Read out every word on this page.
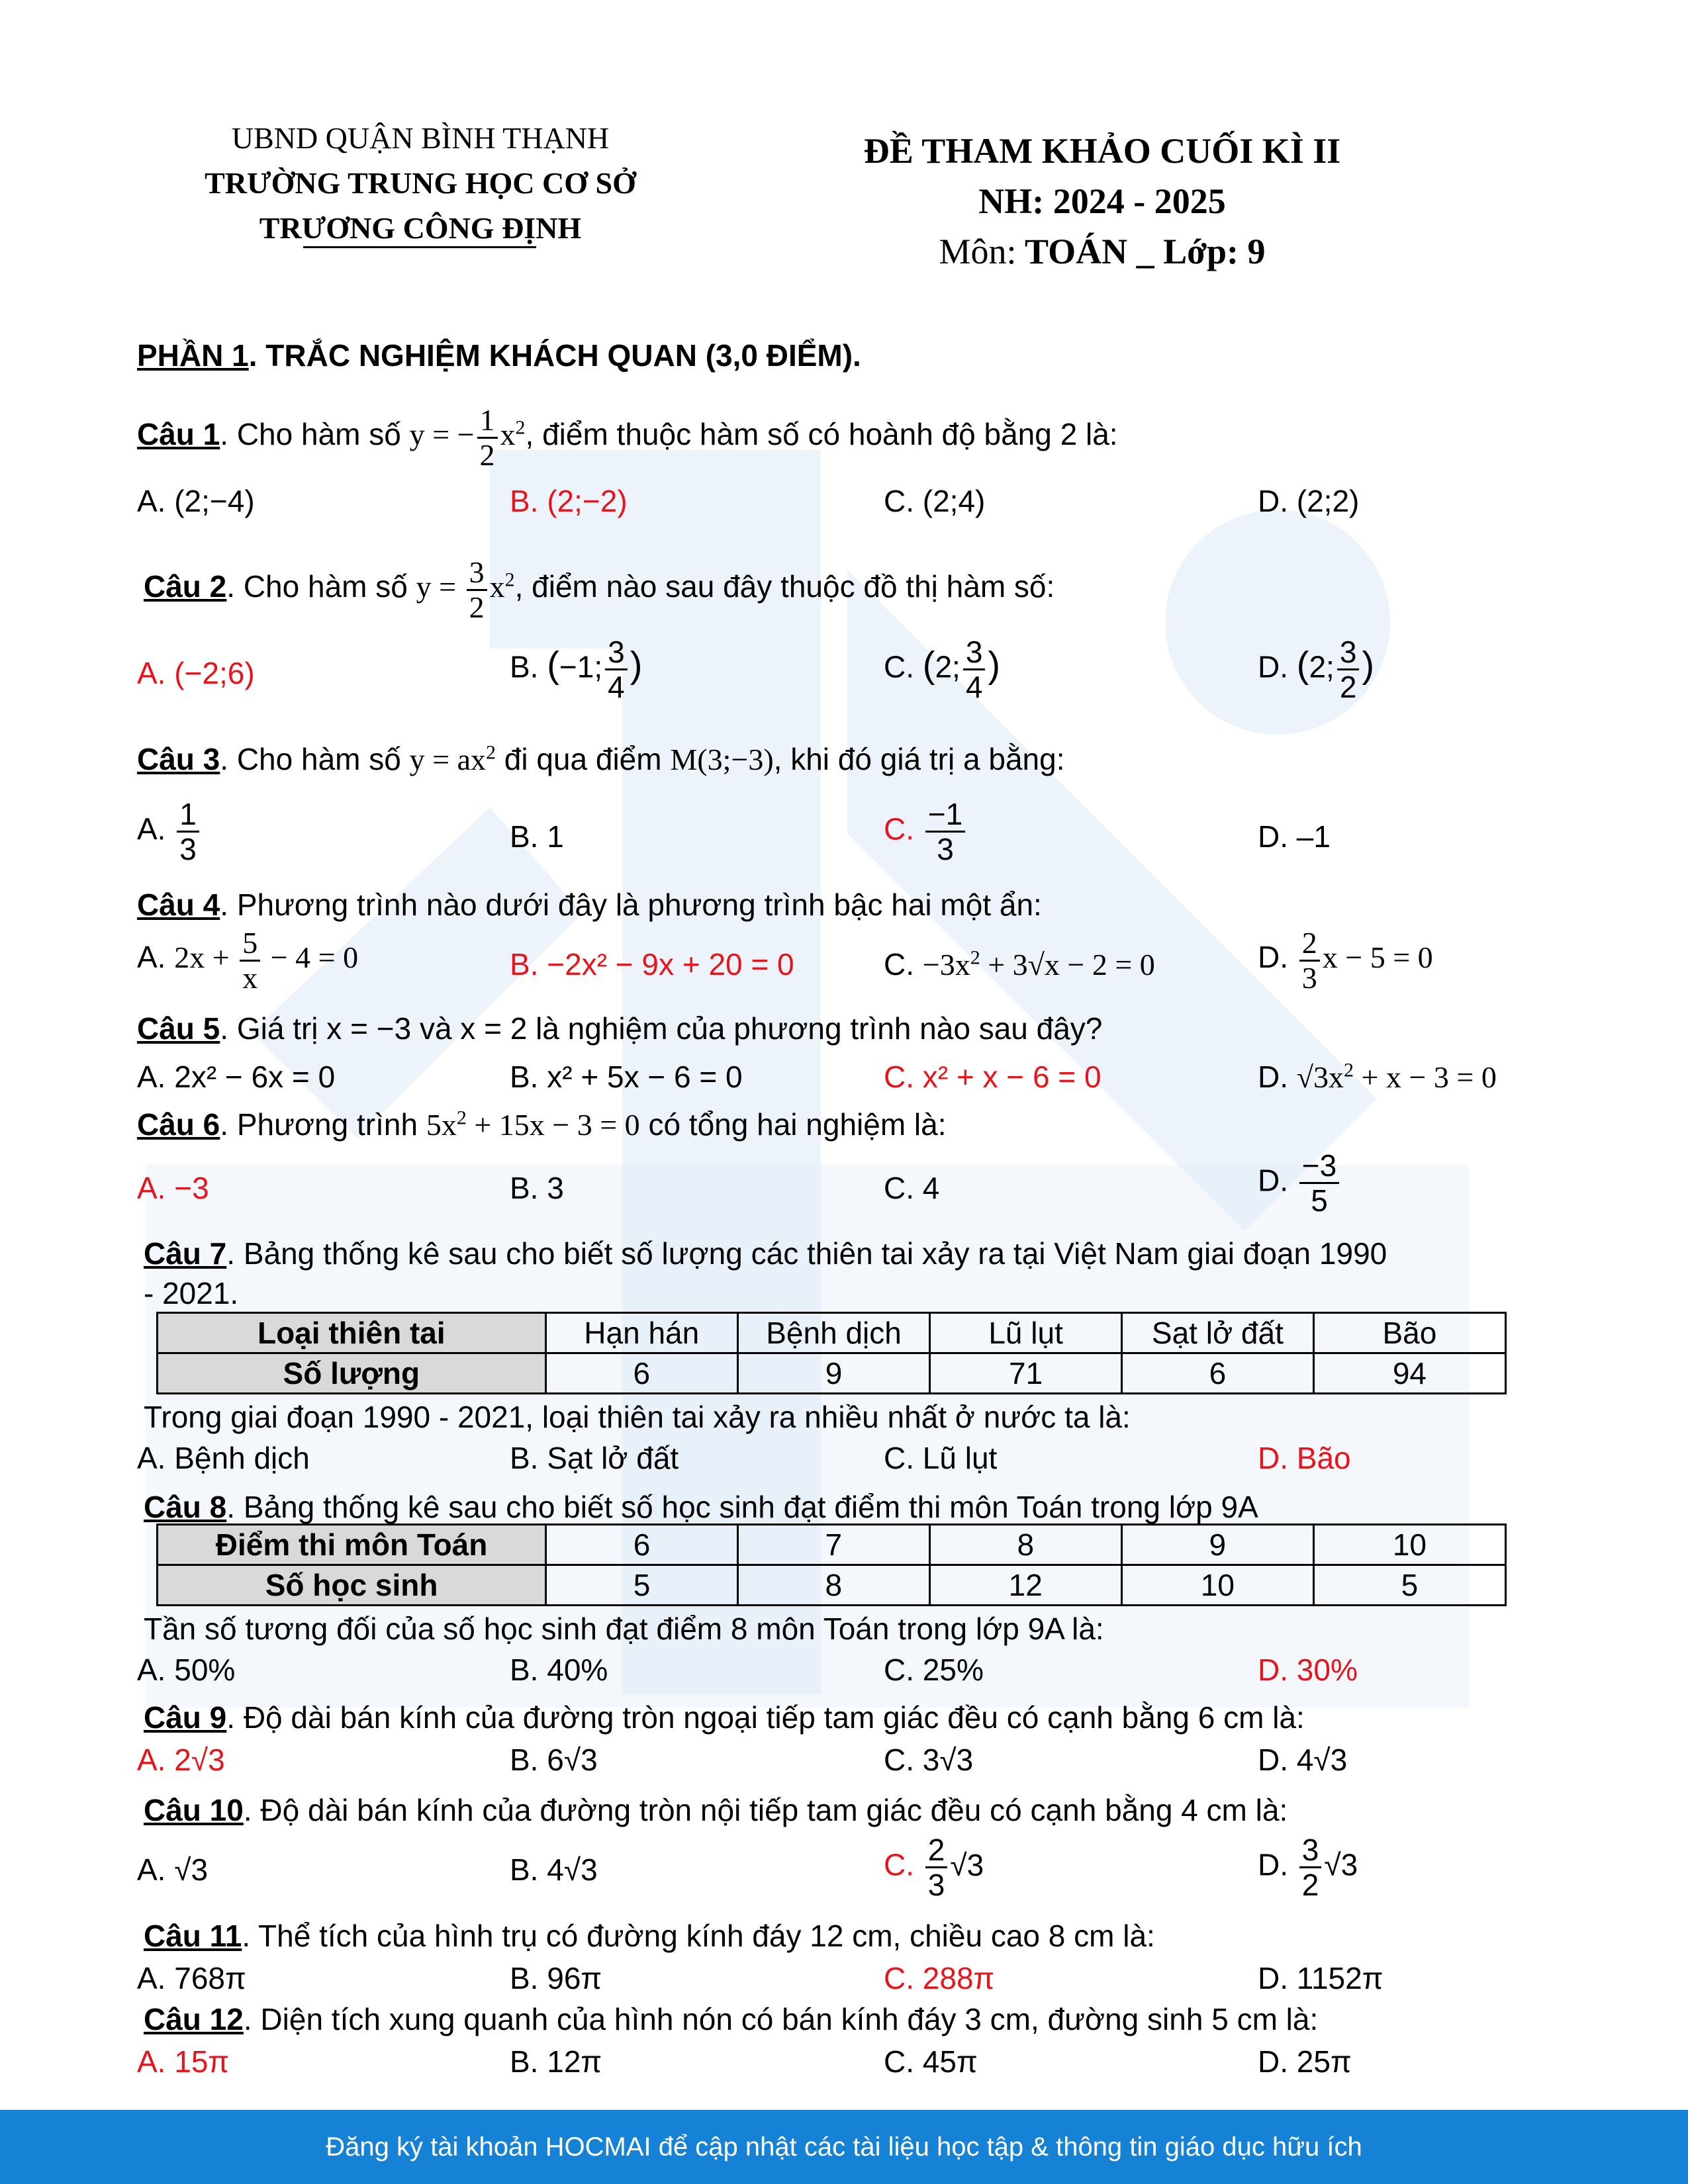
UBND QUẬN BÌNH THẠNH
TRƯỜNG TRUNG HỌC CƠ SỞ
TRƯƠNG CÔNG ĐỊNH
ĐỀ THAM KHẢO CUỐI KÌ II
NH: 2024 - 2025
Môn: TOÁN _ Lớp: 9
PHẦN 1. TRẮC NGHIỆM KHÁCH QUAN (3,0 ĐIỂM).
Câu 1. Cho hàm số y = − $\frac{1}{2} x^2$, điểm thuộc hàm số có hoành độ bằng 2 là:
A. (2;−4)	B. (2;−2)	C. (2;4)	D. (2;2)
Câu 2. Cho hàm số $y = \frac{3}{2} x^2$, điểm nào sau đây thuộc đồ thị hàm số:
A. (−2;6)	B. (−1; $\frac{3}{4}$ )	C. (2; $\frac{3}{4}$ )	D. (2; $\frac{3}{2}$ )
Câu 3. Cho hàm số $y = ax^2$ đi qua điểm M(3;−3), khi đó giá trị a bằng:
A. $\frac{1}{3}$	B. 1	C. $\frac{-1}{3}$	D. –1
Câu 4. Phương trình nào dưới đây là phương trình bậc hai một ẩn:
A. $2x + \frac{5}{x} - 4 = 0$	B. −2x² − 9x + 20 = 0	C. $-3x^2 + 3√x - 2 = 0$	D. $\frac{2}{3}$ x − 5 = 0
Câu 5. Giá trị x = −3 và x = 2 là nghiệm của phương trình nào sau đây?
A. 2x² − 6x = 0	B. x² + 5x − 6 = 0	C. x² + x − 6 = 0	D. $√3x^2 + x - 3 = 0$
Câu 6. Phương trình $5x^2 + 15x - 3 = 0$ có tổng hai nghiệm là:
A. −3	B. 3	C. 4	D. $\frac{-3}{5}$
Câu 7. Bảng thống kê sau cho biết số lượng các thiên tai xảy ra tại Việt Nam giai đoạn 1990
- 2021.
Loại thiên tai	Hạn hán	Bệnh dịch	Lũ lụt	Sạt lở đất	Bão
Số lượng	6	9	71	6	94
Trong giai đoạn 1990 - 2021, loại thiên tai xảy ra nhiều nhất ở nước ta là:
A. Bệnh dịch	B. Sạt lở đất	C. Lũ lụt	D. Bão
Câu 8. Bảng thống kê sau cho biết số học sinh đạt điểm thi môn Toán trong lớp 9A
Điểm thi môn Toán	6	7	8	9	10
Số học sinh	5	8	12	10	5
Tần số tương đối của số học sinh đạt điểm 8 môn Toán trong lớp 9A là:
A. 50%	B. 40%	C. 25%	D. 30%
Câu 9. Độ dài bán kính của đường tròn ngoại tiếp tam giác đều có cạnh bằng 6 cm là:
A. 2√3	B. 6√3	C. 3√3	D. 4√3
Câu 10. Độ dài bán kính của đường tròn nội tiếp tam giác đều có cạnh bằng 4 cm là:
A. √3	B. 4√3	C. $\frac{2}{3} √3$	D. $\frac{3}{2} √3$
Câu 11. Thể tích của hình trụ có đường kính đáy 12 cm, chiều cao 8 cm là:
A. 768π	B. 96π	C. 288π	D. 1152π
Câu 12. Diện tích xung quanh của hình nón có bán kính đáy 3 cm, đường sinh 5 cm là:
A. 15π	B. 12π	C. 45π	D. 25π
Đăng ký tài khoản HOCMAI để cập nhật các tài liệu học tập & thông tin giáo dục hữu ích
